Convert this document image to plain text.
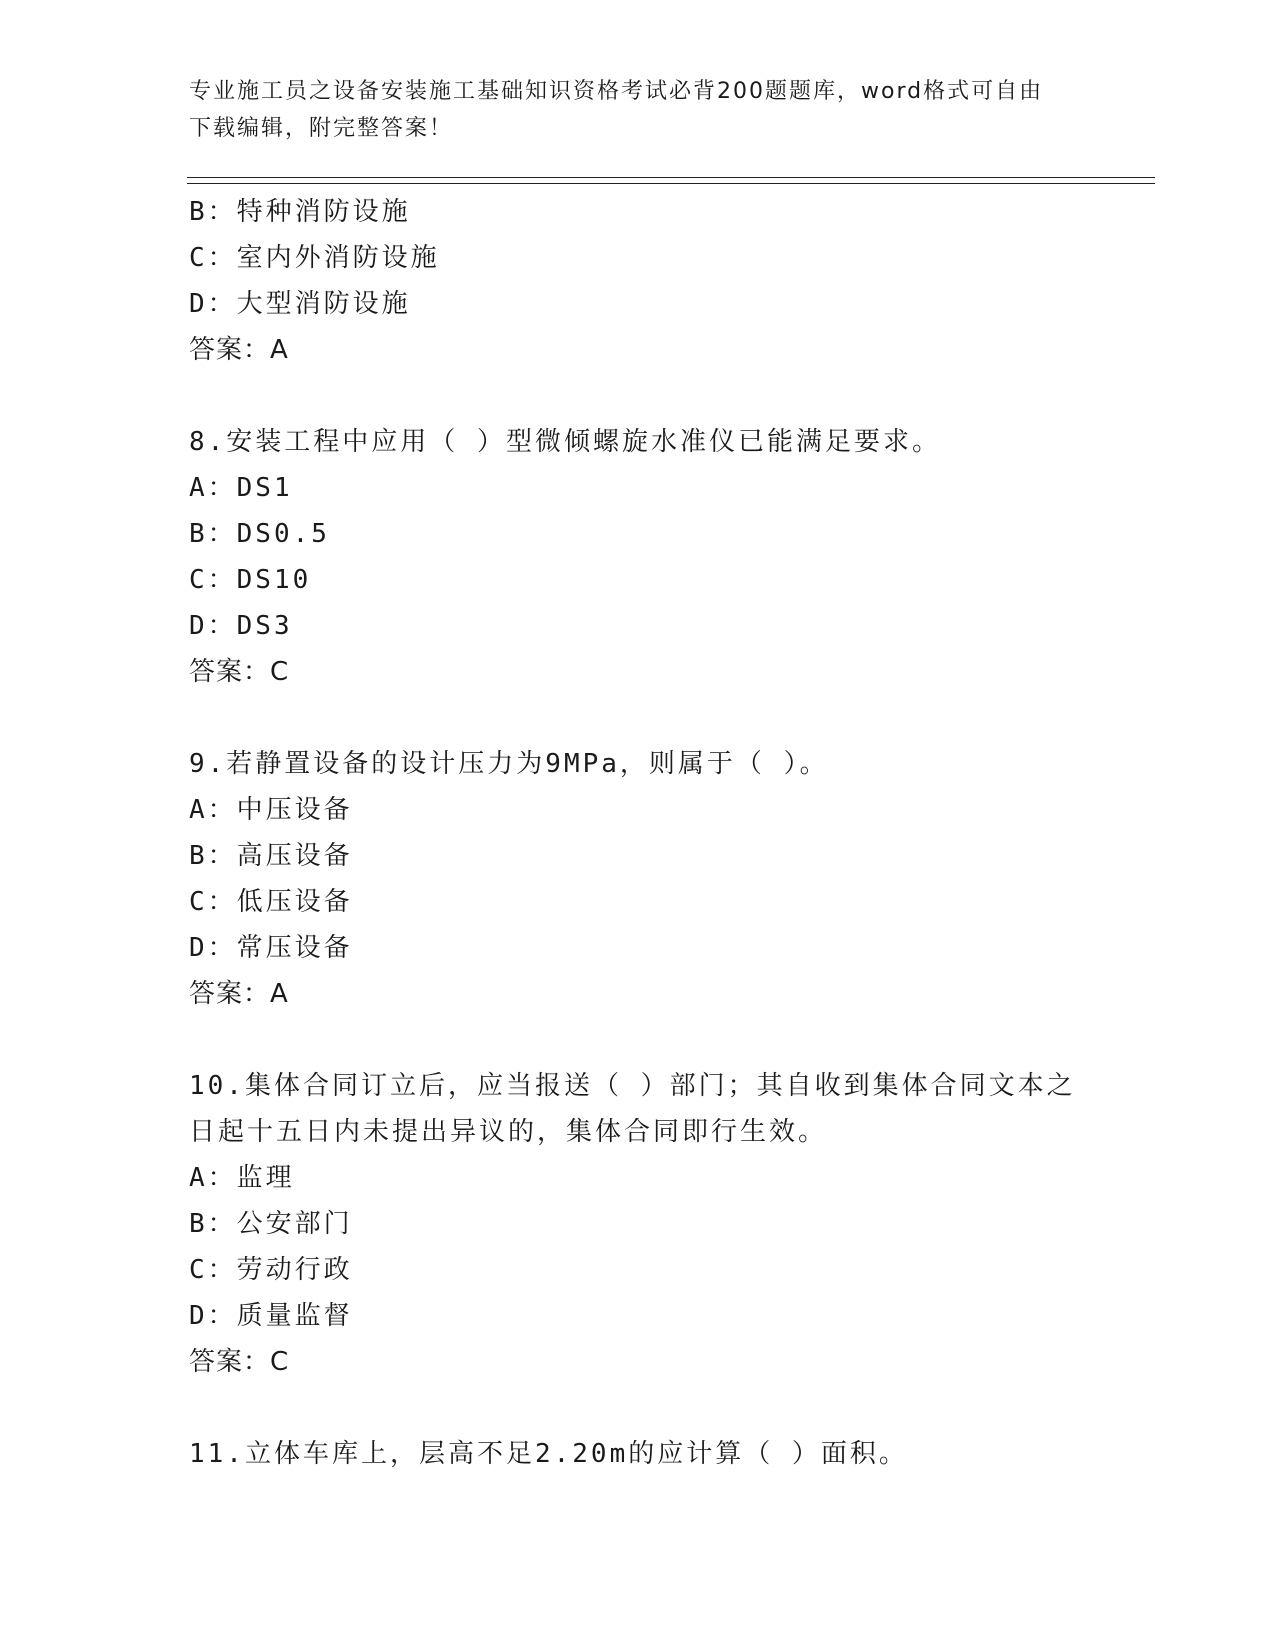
专业施工员之设备安装施工基础知识资格考试必背200题题库，word格式可自由
下载编辑，附完整答案！
B：特种消防设施
C：室内外消防设施
D：大型消防设施
答案：A
8.安装工程中应用（ ）型微倾螺旋水准仪已能满足要求。
A：DS1
B：DS0.5
C：DS10
D：DS3
答案：C
9.若静置设备的设计压力为9MPa，则属于（ ）。
A：中压设备
B：高压设备
C：低压设备
D：常压设备
答案：A
10.集体合同订立后，应当报送（ ）部门；其自收到集体合同文本之
日起十五日内未提出异议的，集体合同即行生效。
A：监理
B：公安部门
C：劳动行政
D：质量监督
答案：C
11.立体车库上，层高不足2.20m的应计算（ ）面积。
